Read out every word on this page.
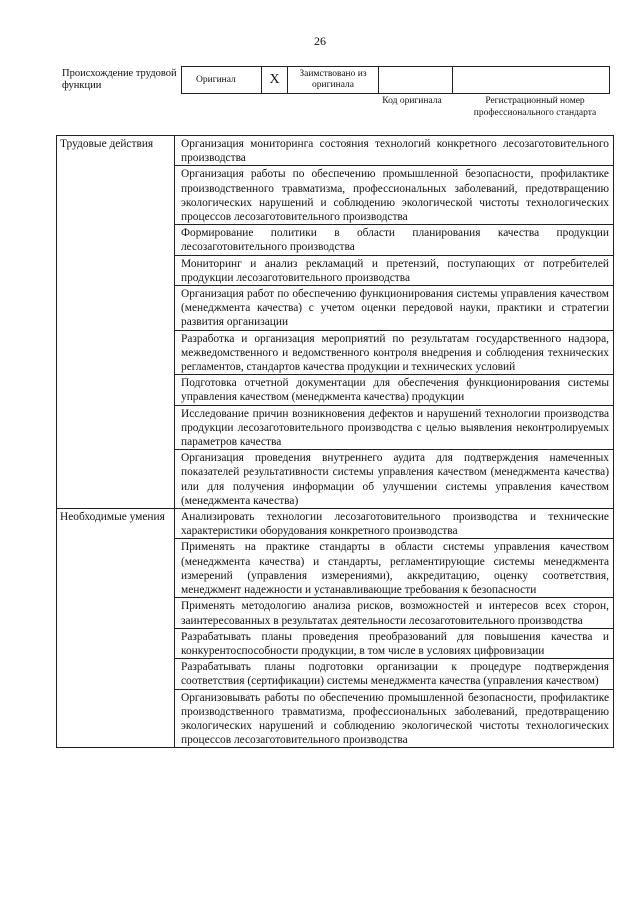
26
Происхождение трудовой функции	Оригинал	X	Заимствовано из оригинала		
Код оригинала	Регистрационный номер профессионального стандарта
Трудовые действия	Организация мониторинга состояния технологий конкретного лесозаготовительного производства
	Организация работы по обеспечению промышленной безопасности, профилактике производственного травматизма, профессиональных заболеваний, предотвращению экологических нарушений и соблюдению экологической чистоты технологических процессов лесозаготовительного производства
	Формирование политики в области планирования качества продукции лесозаготовительного производства
	Мониторинг и анализ рекламаций и претензий, поступающих от потребителей продукции лесозаготовительного производства
	Организация работ по обеспечению функционирования системы управления качеством (менеджмента качества) с учетом оценки передовой науки, практики и стратегии развития организации
	Разработка и организация мероприятий по результатам государственного надзора, межведомственного и ведомственного контроля внедрения и соблюдения технических регламентов, стандартов качества продукции и технических условий
	Подготовка отчетной документации для обеспечения функционирования системы управления качеством (менеджмента качества) продукции
	Исследование причин возникновения дефектов и нарушений технологии производства продукции лесозаготовительного производства с целью выявления неконтролируемых параметров качества
	Организация проведения внутреннего аудита для подтверждения намеченных показателей результативности системы управления качеством (менеджмента качества) или для получения информации об улучшении системы управления качеством (менеджмента качества)
Необходимые умения	Анализировать технологии лесозаготовительного производства и технические характеристики оборудования конкретного производства
	Применять на практике стандарты в области системы управления качеством (менеджмента качества) и стандарты, регламентирующие системы менеджмента измерений (управления измерениями), аккредитацию, оценку соответствия, менеджмент надежности и устанавливающие требования к безопасности
	Применять методологию анализа рисков, возможностей и интересов всех сторон, заинтересованных в результатах деятельности лесозаготовительного производства
	Разрабатывать планы проведения преобразований для повышения качества и конкурентоспособности продукции, в том числе в условиях цифровизации
	Разрабатывать планы подготовки организации к процедуре подтверждения соответствия (сертификации) системы менеджмента качества (управления качеством)
	Организовывать работы по обеспечению промышленной безопасности, профилактике производственного травматизма, профессиональных заболеваний, предотвращению экологических нарушений и соблюдению экологической чистоты технологических процессов лесозаготовительного производства
